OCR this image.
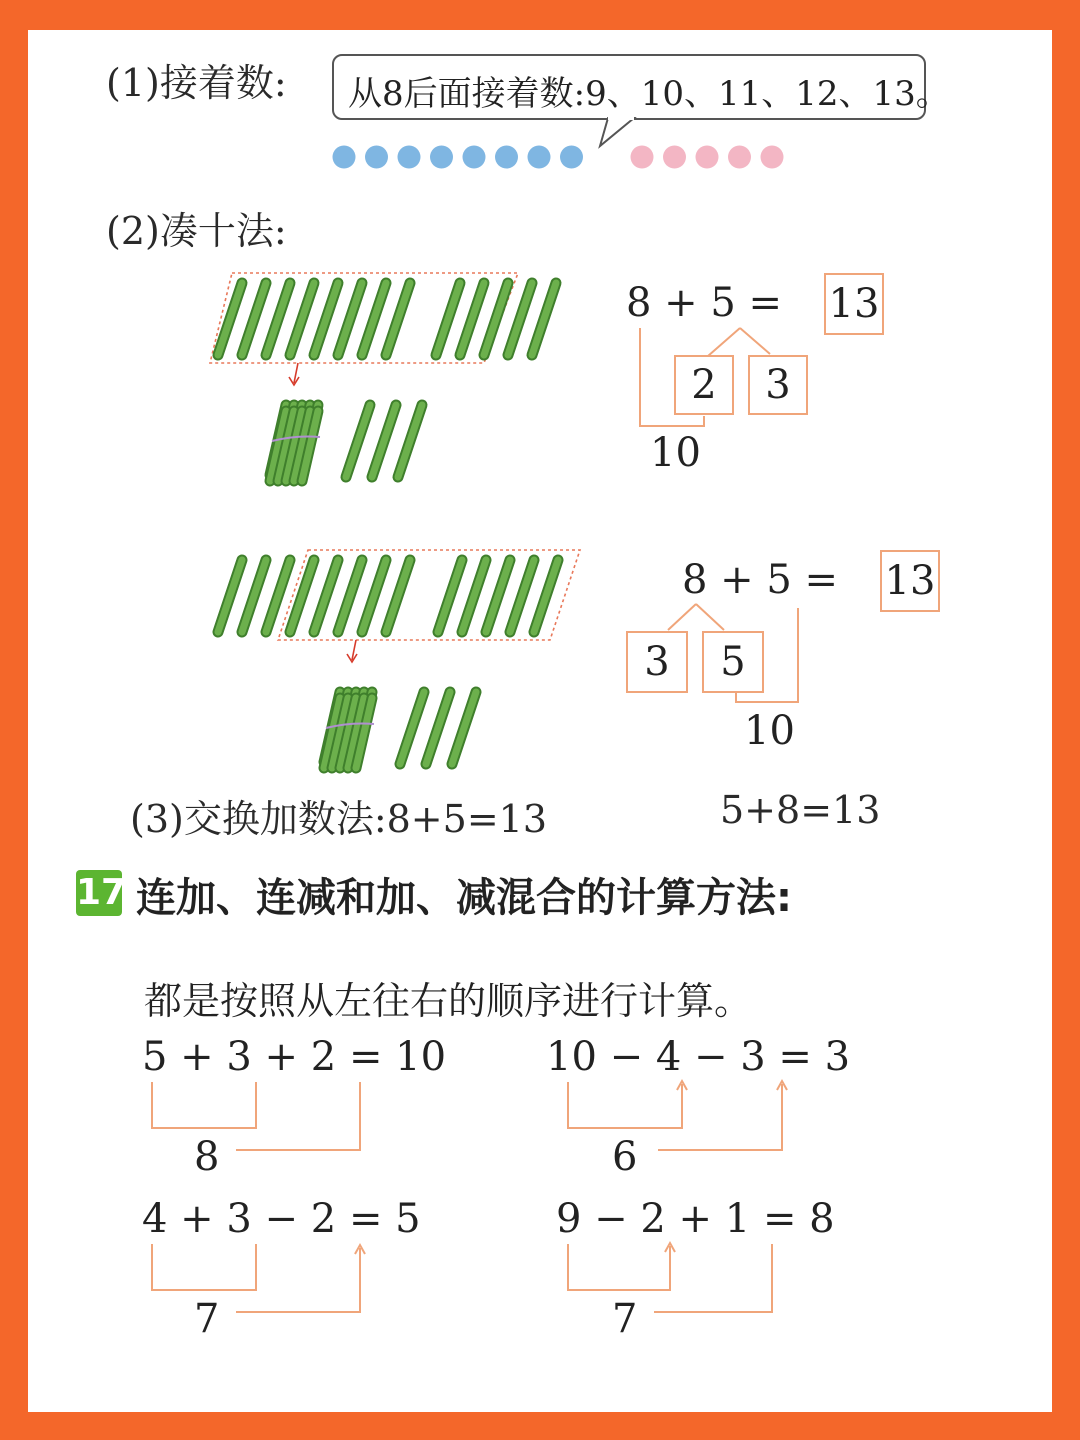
(1)接着数: 从8后面接着数:9、10、11、12、13。
(2)凑十法:
8 + 5 = 13
2	3
10
8 + 5 = 13
3	5
10
(3)交换加数法:8+5=13	5+8=13
17 连加、连减和加、减混合的计算方法:
都是按照从左往右的顺序进行计算。
5 + 3 + 2 = 10 10 − 4 − 3 = 3
4 + 3 − 2 = 5	9 − 2 + 1 = 8
8	6
7	7
